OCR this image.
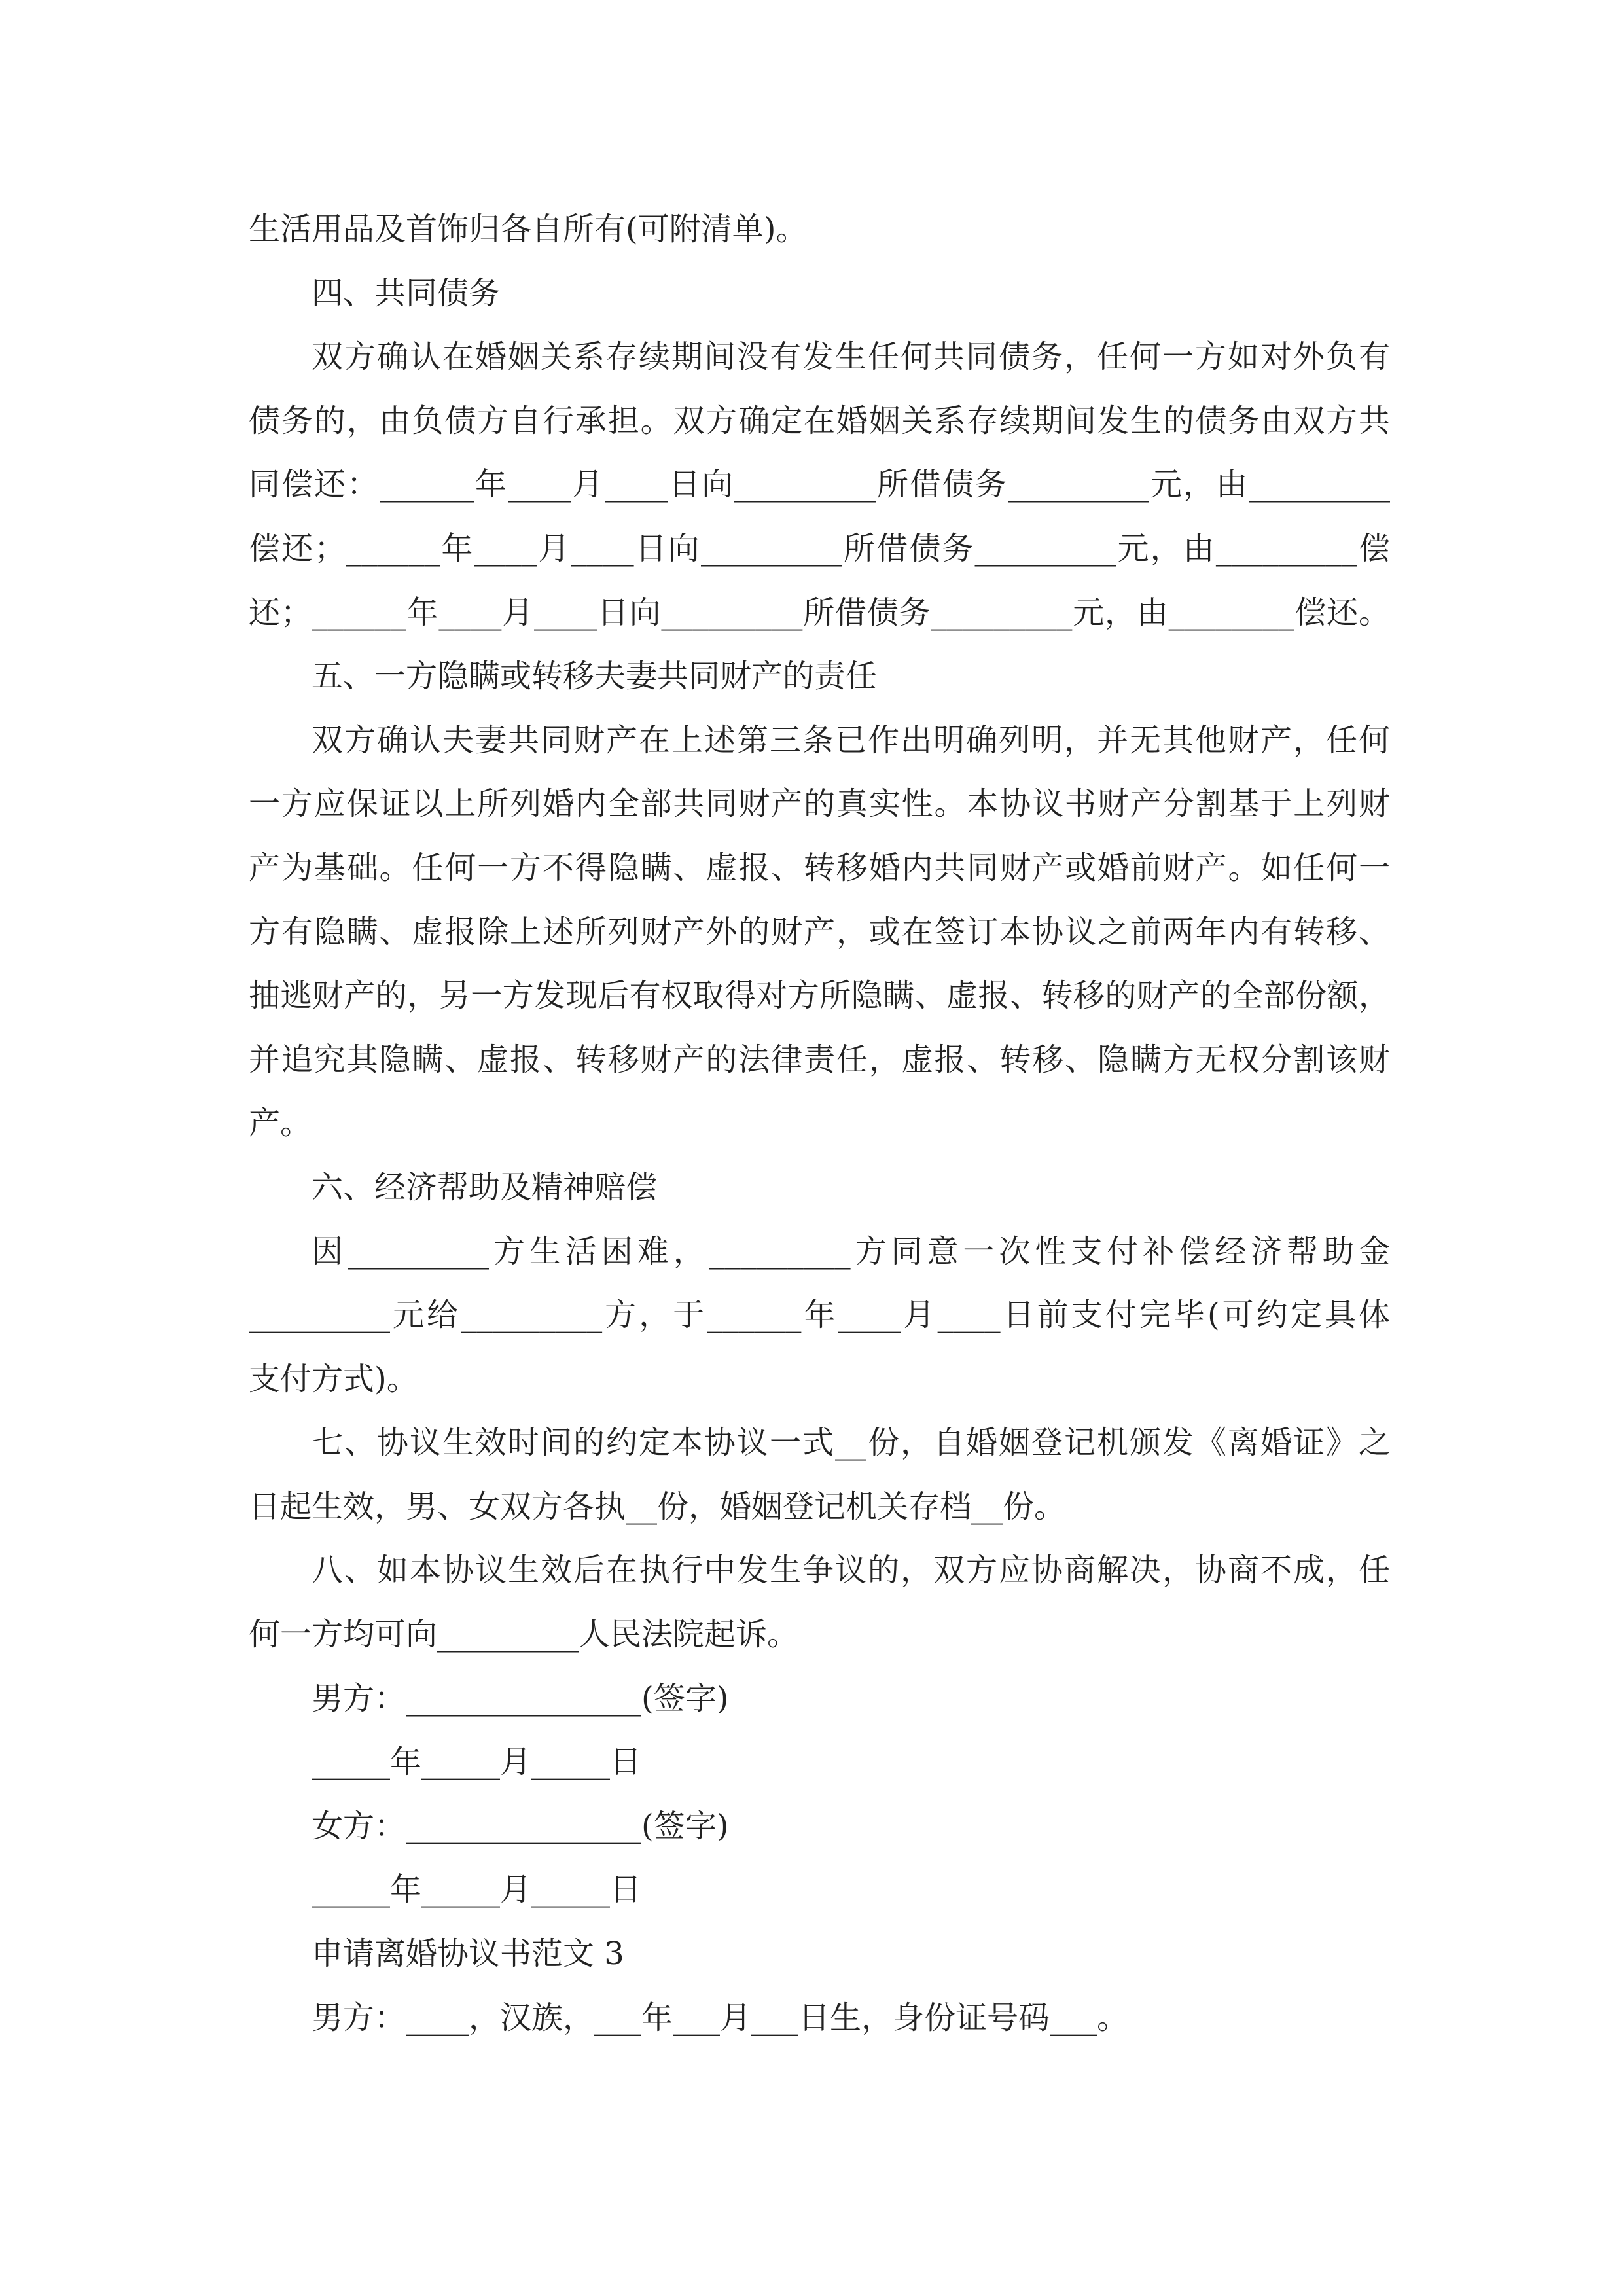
生活用品及首饰归各自所有(可附清单)。
四、共同债务
双方确认在婚姻关系存续期间没有发生任何共同债务，任何一方如对外负有
债务的，由负债方自行承担。双方确定在婚姻关系存续期间发生的债务由双方共
同偿还：______年____月____日向_________所借债务_________元，由_________
偿还；______年____月____日向_________所借债务_________元，由_________偿
还；______年____月____日向_________所借债务_________元，由________偿还。
五、一方隐瞒或转移夫妻共同财产的责任
双方确认夫妻共同财产在上述第三条已作出明确列明，并无其他财产，任何
一方应保证以上所列婚内全部共同财产的真实性。本协议书财产分割基于上列财
产为基础。任何一方不得隐瞒、虚报、转移婚内共同财产或婚前财产。如任何一
方有隐瞒、虚报除上述所列财产外的财产，或在签订本协议之前两年内有转移、
抽逃财产的，另一方发现后有权取得对方所隐瞒、虚报、转移的财产的全部份额，
并追究其隐瞒、虚报、转移财产的法律责任，虚报、转移、隐瞒方无权分割该财
产。
六、经济帮助及精神赔偿
因_________方生活困难，_________方同意一次性支付补偿经济帮助金
_________元给_________方，于______年____月____日前支付完毕(可约定具体
支付方式)。
七、协议生效时间的约定本协议一式__份，自婚姻登记机颁发《离婚证》之
日起生效，男、女双方各执__份，婚姻登记机关存档__份。
八、如本协议生效后在执行中发生争议的，双方应协商解决，协商不成，任
何一方均可向_________人民法院起诉。
男方：_______________(签字)
_____年_____月_____日
女方：_______________(签字)
_____年_____月_____日
申请离婚协议书范文 3
男方：____，汉族，___年___月___日生，身份证号码___。
